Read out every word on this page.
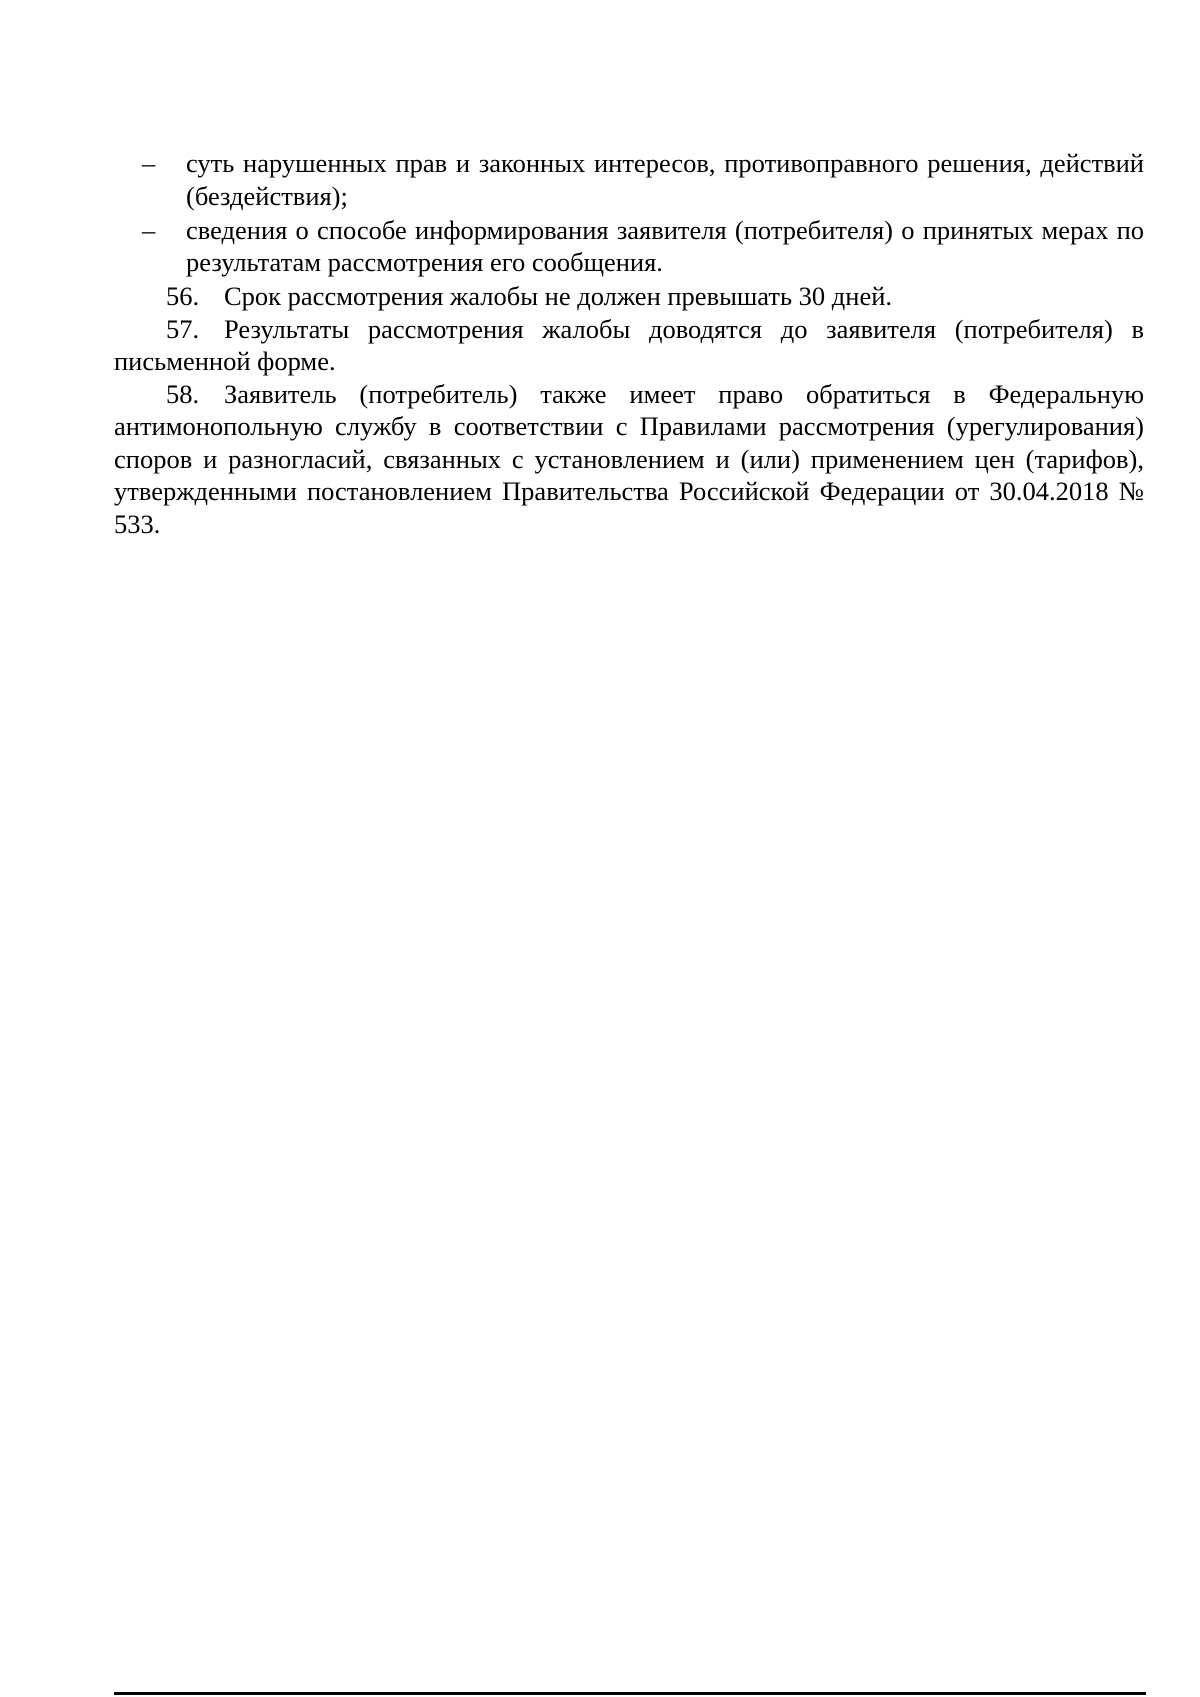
– суть нарушенных прав и законных интересов, противоправного решения, действий (бездействия);
– сведения о способе информирования заявителя (потребителя) о принятых мерах по результатам рассмотрения его сообщения.

56. Срок рассмотрения жалобы не должен превышать 30 дней.

57. Результаты рассмотрения жалобы доводятся до заявителя (потребителя) в письменной форме.

58. Заявитель (потребитель) также имеет право обратиться в Федеральную антимонопольную службу в соответствии с Правилами рассмотрения (урегулирования) споров и разногласий, связанных с установлением и (или) применением цен (тарифов), утвержденными постановлением Правительства Российской Федерации от 30.04.2018 № 533.
